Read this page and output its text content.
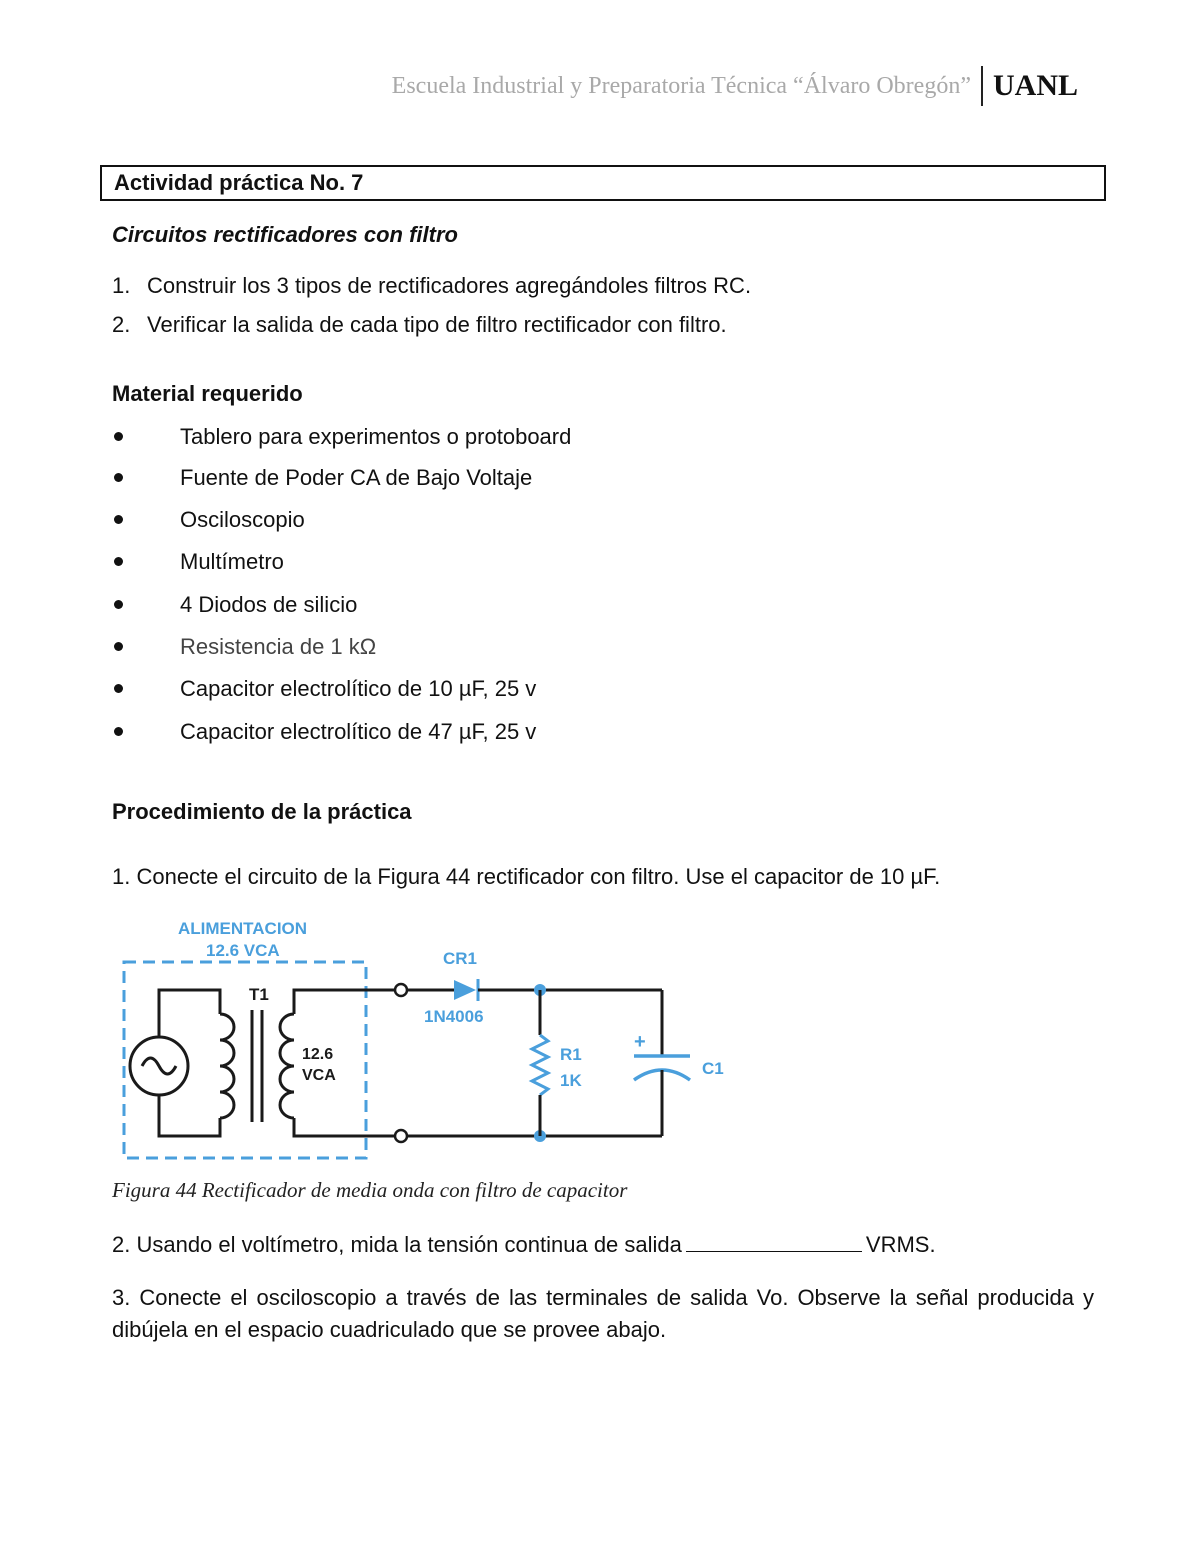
Escuela Industrial y Preparatoria Técnica “Álvaro Obregón” UANL
Actividad práctica No. 7
Circuitos rectificadores con filtro
1. Construir los 3 tipos de rectificadores agregándoles filtros RC.
2. Verificar la salida de cada tipo de filtro rectificador con filtro.
Material requerido
Tablero para experimentos o protoboard
Fuente de Poder CA de Bajo Voltaje
Osciloscopio
Multímetro
4 Diodos de silicio
Resistencia de 1 kΩ
Capacitor electrolítico de 10 µF, 25 v
Capacitor electrolítico de 47 µF, 25 v
Procedimiento de la práctica
1. Conecte el circuito de la Figura 44 rectificador con filtro. Use el capacitor de 10 µF.
ALIMENTACION
12.6 VCA
T1
12.6
VCA
CR1
1N4006
R1
1K
+
C1
Figura 44 Rectificador de media onda con filtro de capacitor
2. Usando el voltímetro, mida la tensión continua de salida	VRMS.
3. Conecte el osciloscopio a través de las terminales de salida Vo. Observe la señal producida y dibújela en el espacio cuadriculado que se provee abajo.
